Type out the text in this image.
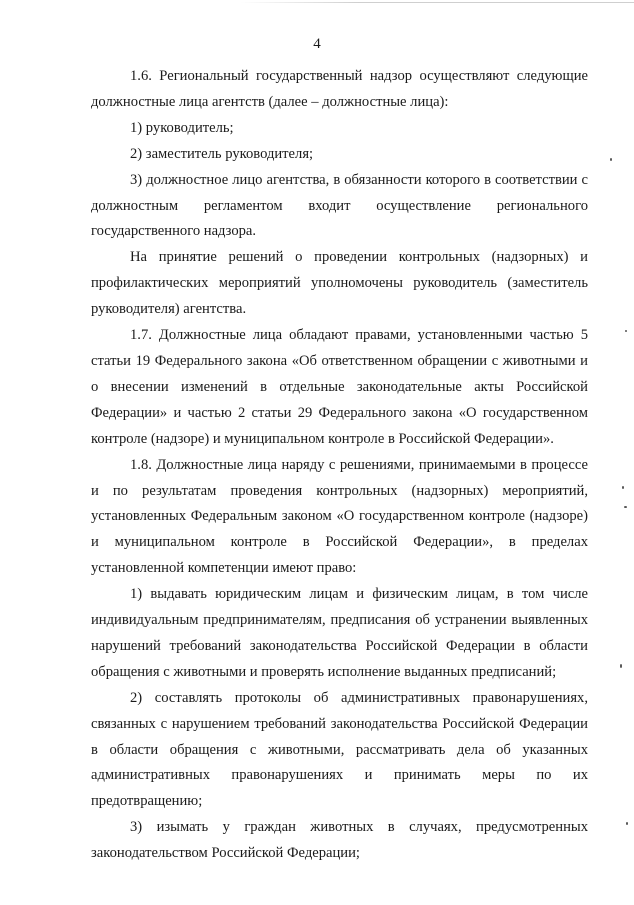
4

1.6. Региональный государственный надзор осуществляют следующие должностные лица агентств (далее – должностные лица):

1) руководитель;

2) заместитель руководителя;

3) должностное лицо агентства, в обязанности которого в соответствии с должностным регламентом входит осуществление регионального государственного надзора.

На принятие решений о проведении контрольных (надзорных) и профилактических мероприятий уполномочены руководитель (заместитель руководителя) агентства.

1.7. Должностные лица обладают правами, установленными частью 5 статьи 19 Федерального закона «Об ответственном обращении с животными и о внесении изменений в отдельные законодательные акты Российской Федерации» и частью 2 статьи 29 Федерального закона «О государственном контроле (надзоре) и муниципальном контроле в Российской Федерации».

1.8. Должностные лица наряду с решениями, принимаемыми в процессе и по результатам проведения контрольных (надзорных) мероприятий, установленных Федеральным законом «О государственном контроле (надзоре) и муниципальном контроле в Российской Федерации», в пределах установленной компетенции имеют право:

1) выдавать юридическим лицам и физическим лицам, в том числе индивидуальным предпринимателям, предписания об устранении выявленных нарушений требований законодательства Российской Федерации в области обращения с животными и проверять исполнение выданных предписаний;

2) составлять протоколы об административных правонарушениях, связанных с нарушением требований законодательства Российской Федерации в области обращения с животными, рассматривать дела об указанных административных правонарушениях и принимать меры по их предотвращению;

3) изымать у граждан животных в случаях, предусмотренных законодательством Российской Федерации;
